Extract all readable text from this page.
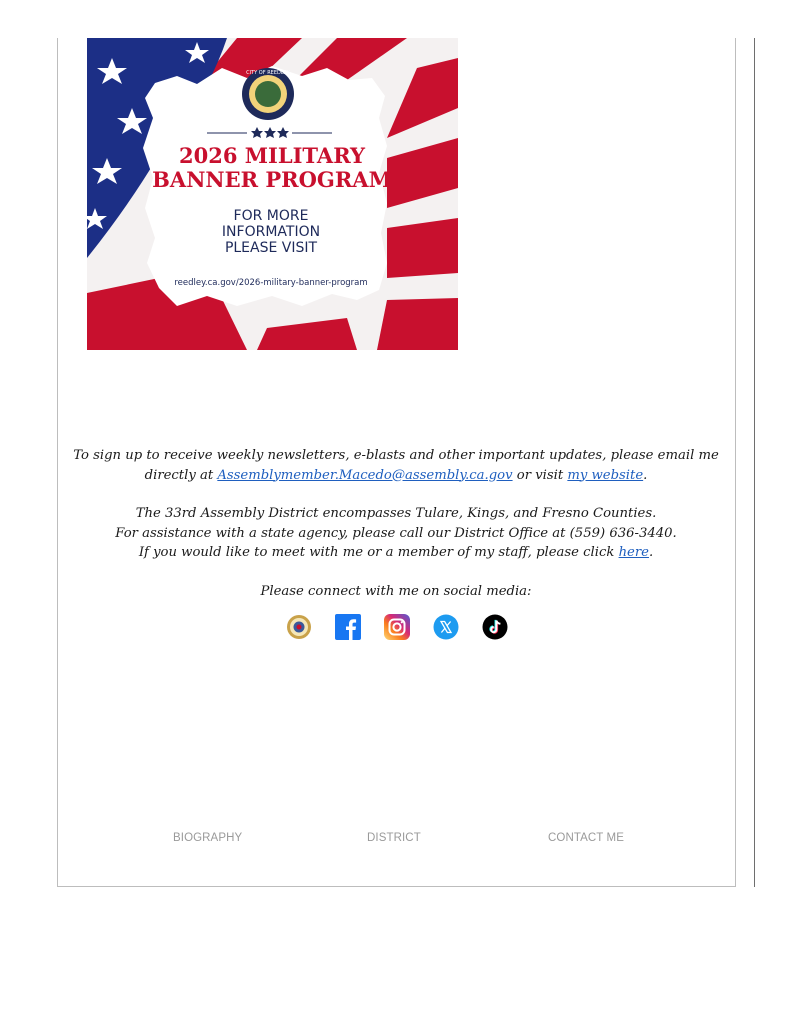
CITY OF REEDLEY
2026 MILITARY
BANNER PROGRAM
FOR MORE
INFORMATION
PLEASE VISIT
reedley.ca.gov/2026-military-banner-program

To sign up to receive weekly newsletters, e-blasts and other important updates, please email me

directly at Assemblymember.Macedo@assembly.ca.gov or visit my website.

The 33rd Assembly District encompasses Tulare, Kings, and Fresno Counties.

For assistance with a state agency, please call our District Office at (559) 636-3440.

If you would like to meet with me or a member of my staff, please click here.

Please connect with me on social media:

BIOGRAPHY	DISTRICT	CONTACT ME
